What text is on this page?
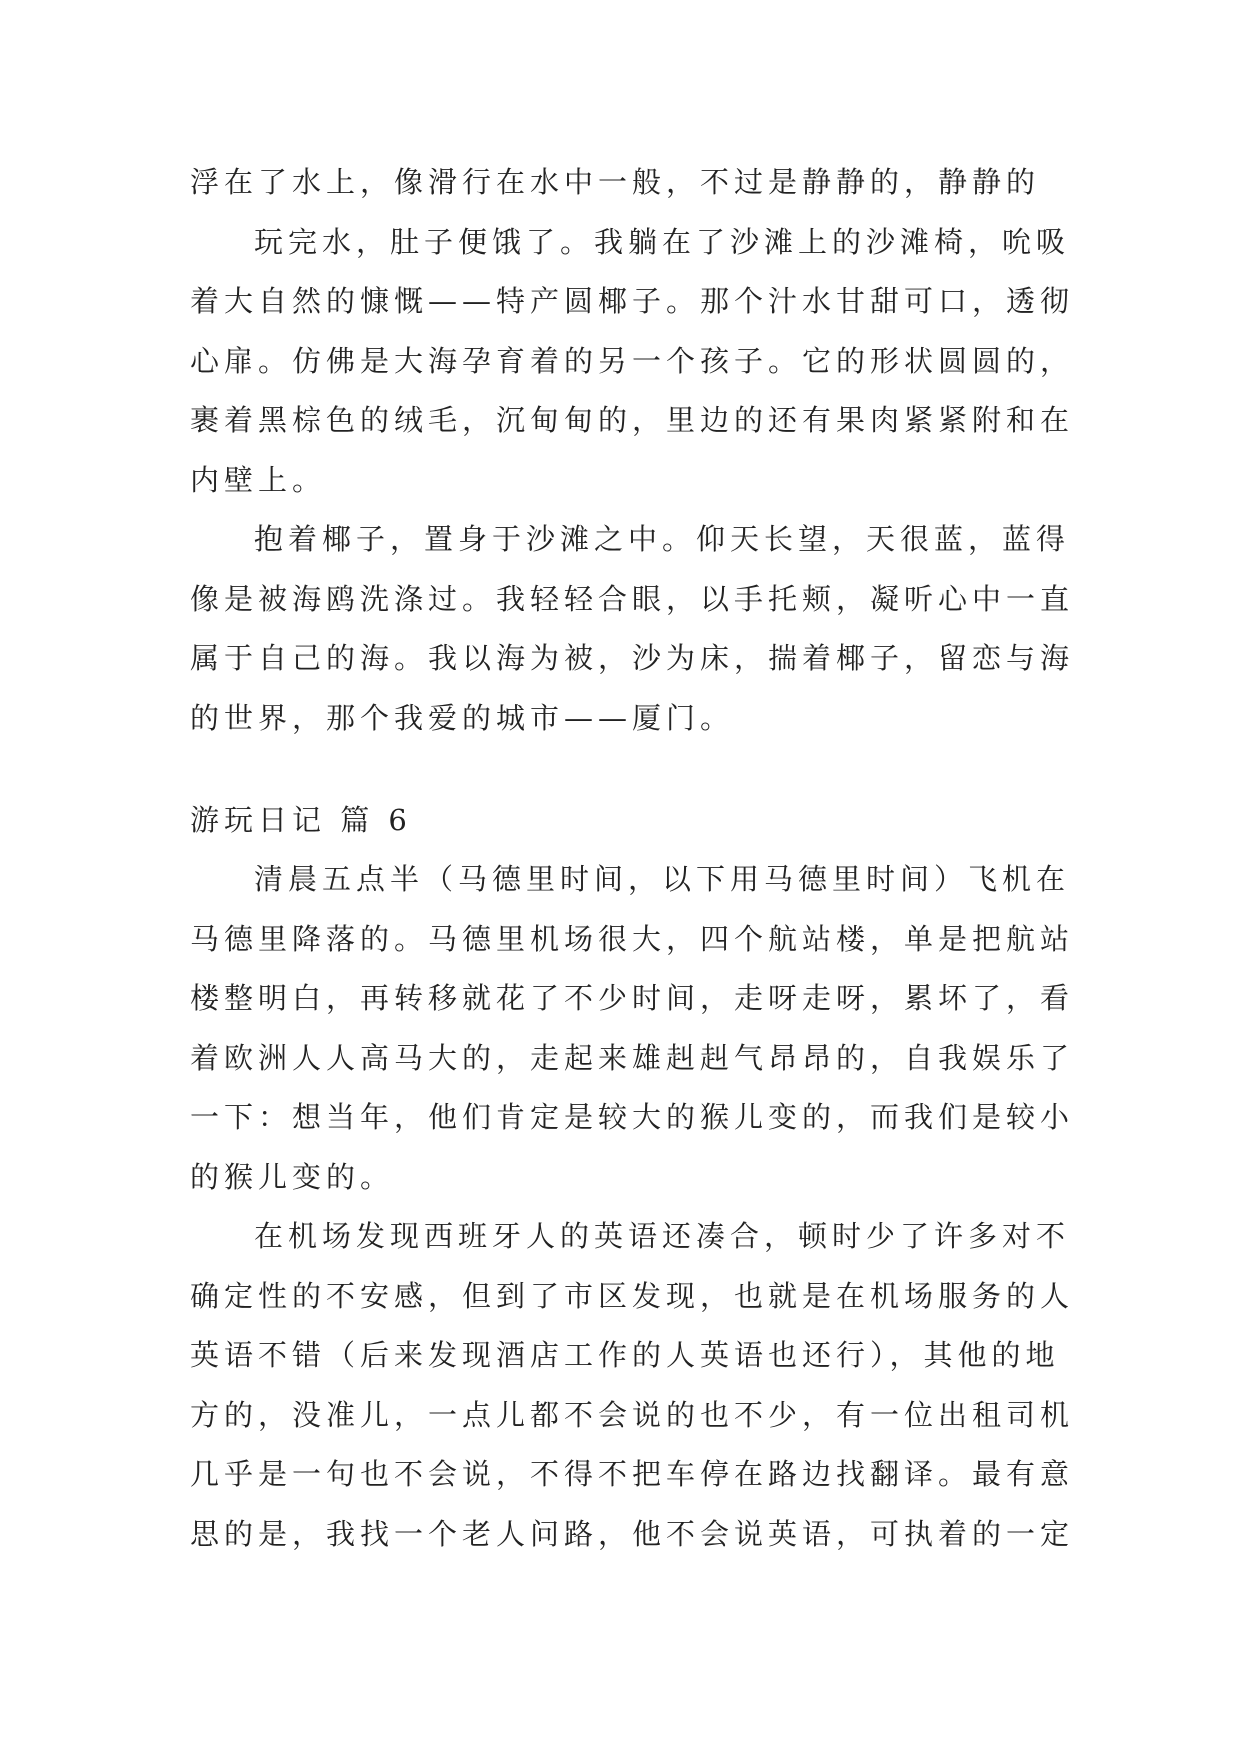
浮在了水上，像滑行在水中一般，不过是静静的，静静的
玩完水，肚子便饿了。我躺在了沙滩上的沙滩椅，吮吸
着大自然的慷慨——特产圆椰子。那个汁水甘甜可口，透彻
心扉。仿佛是大海孕育着的另一个孩子。它的形状圆圆的，
裹着黑棕色的绒毛，沉甸甸的，里边的还有果肉紧紧附和在
内壁上。
抱着椰子，置身于沙滩之中。仰天长望，天很蓝，蓝得
像是被海鸥洗涤过。我轻轻合眼，以手托颊，凝听心中一直
属于自己的海。我以海为被，沙为床，揣着椰子，留恋与海
的世界，那个我爱的城市——厦门。
游玩日记 篇 6
清晨五点半（马德里时间，以下用马德里时间）飞机在
马德里降落的。马德里机场很大，四个航站楼，单是把航站
楼整明白，再转移就花了不少时间，走呀走呀，累坏了，看
着欧洲人人高马大的，走起来雄赳赳气昂昂的，自我娱乐了
一下：想当年，他们肯定是较大的猴儿变的，而我们是较小
的猴儿变的。
在机场发现西班牙人的英语还凑合，顿时少了许多对不
确定性的不安感，但到了市区发现，也就是在机场服务的人
英语不错（后来发现酒店工作的人英语也还行），其他的地
方的，没准儿，一点儿都不会说的也不少，有一位出租司机
几乎是一句也不会说，不得不把车停在路边找翻译。最有意
思的是，我找一个老人问路，他不会说英语，可执着的一定
